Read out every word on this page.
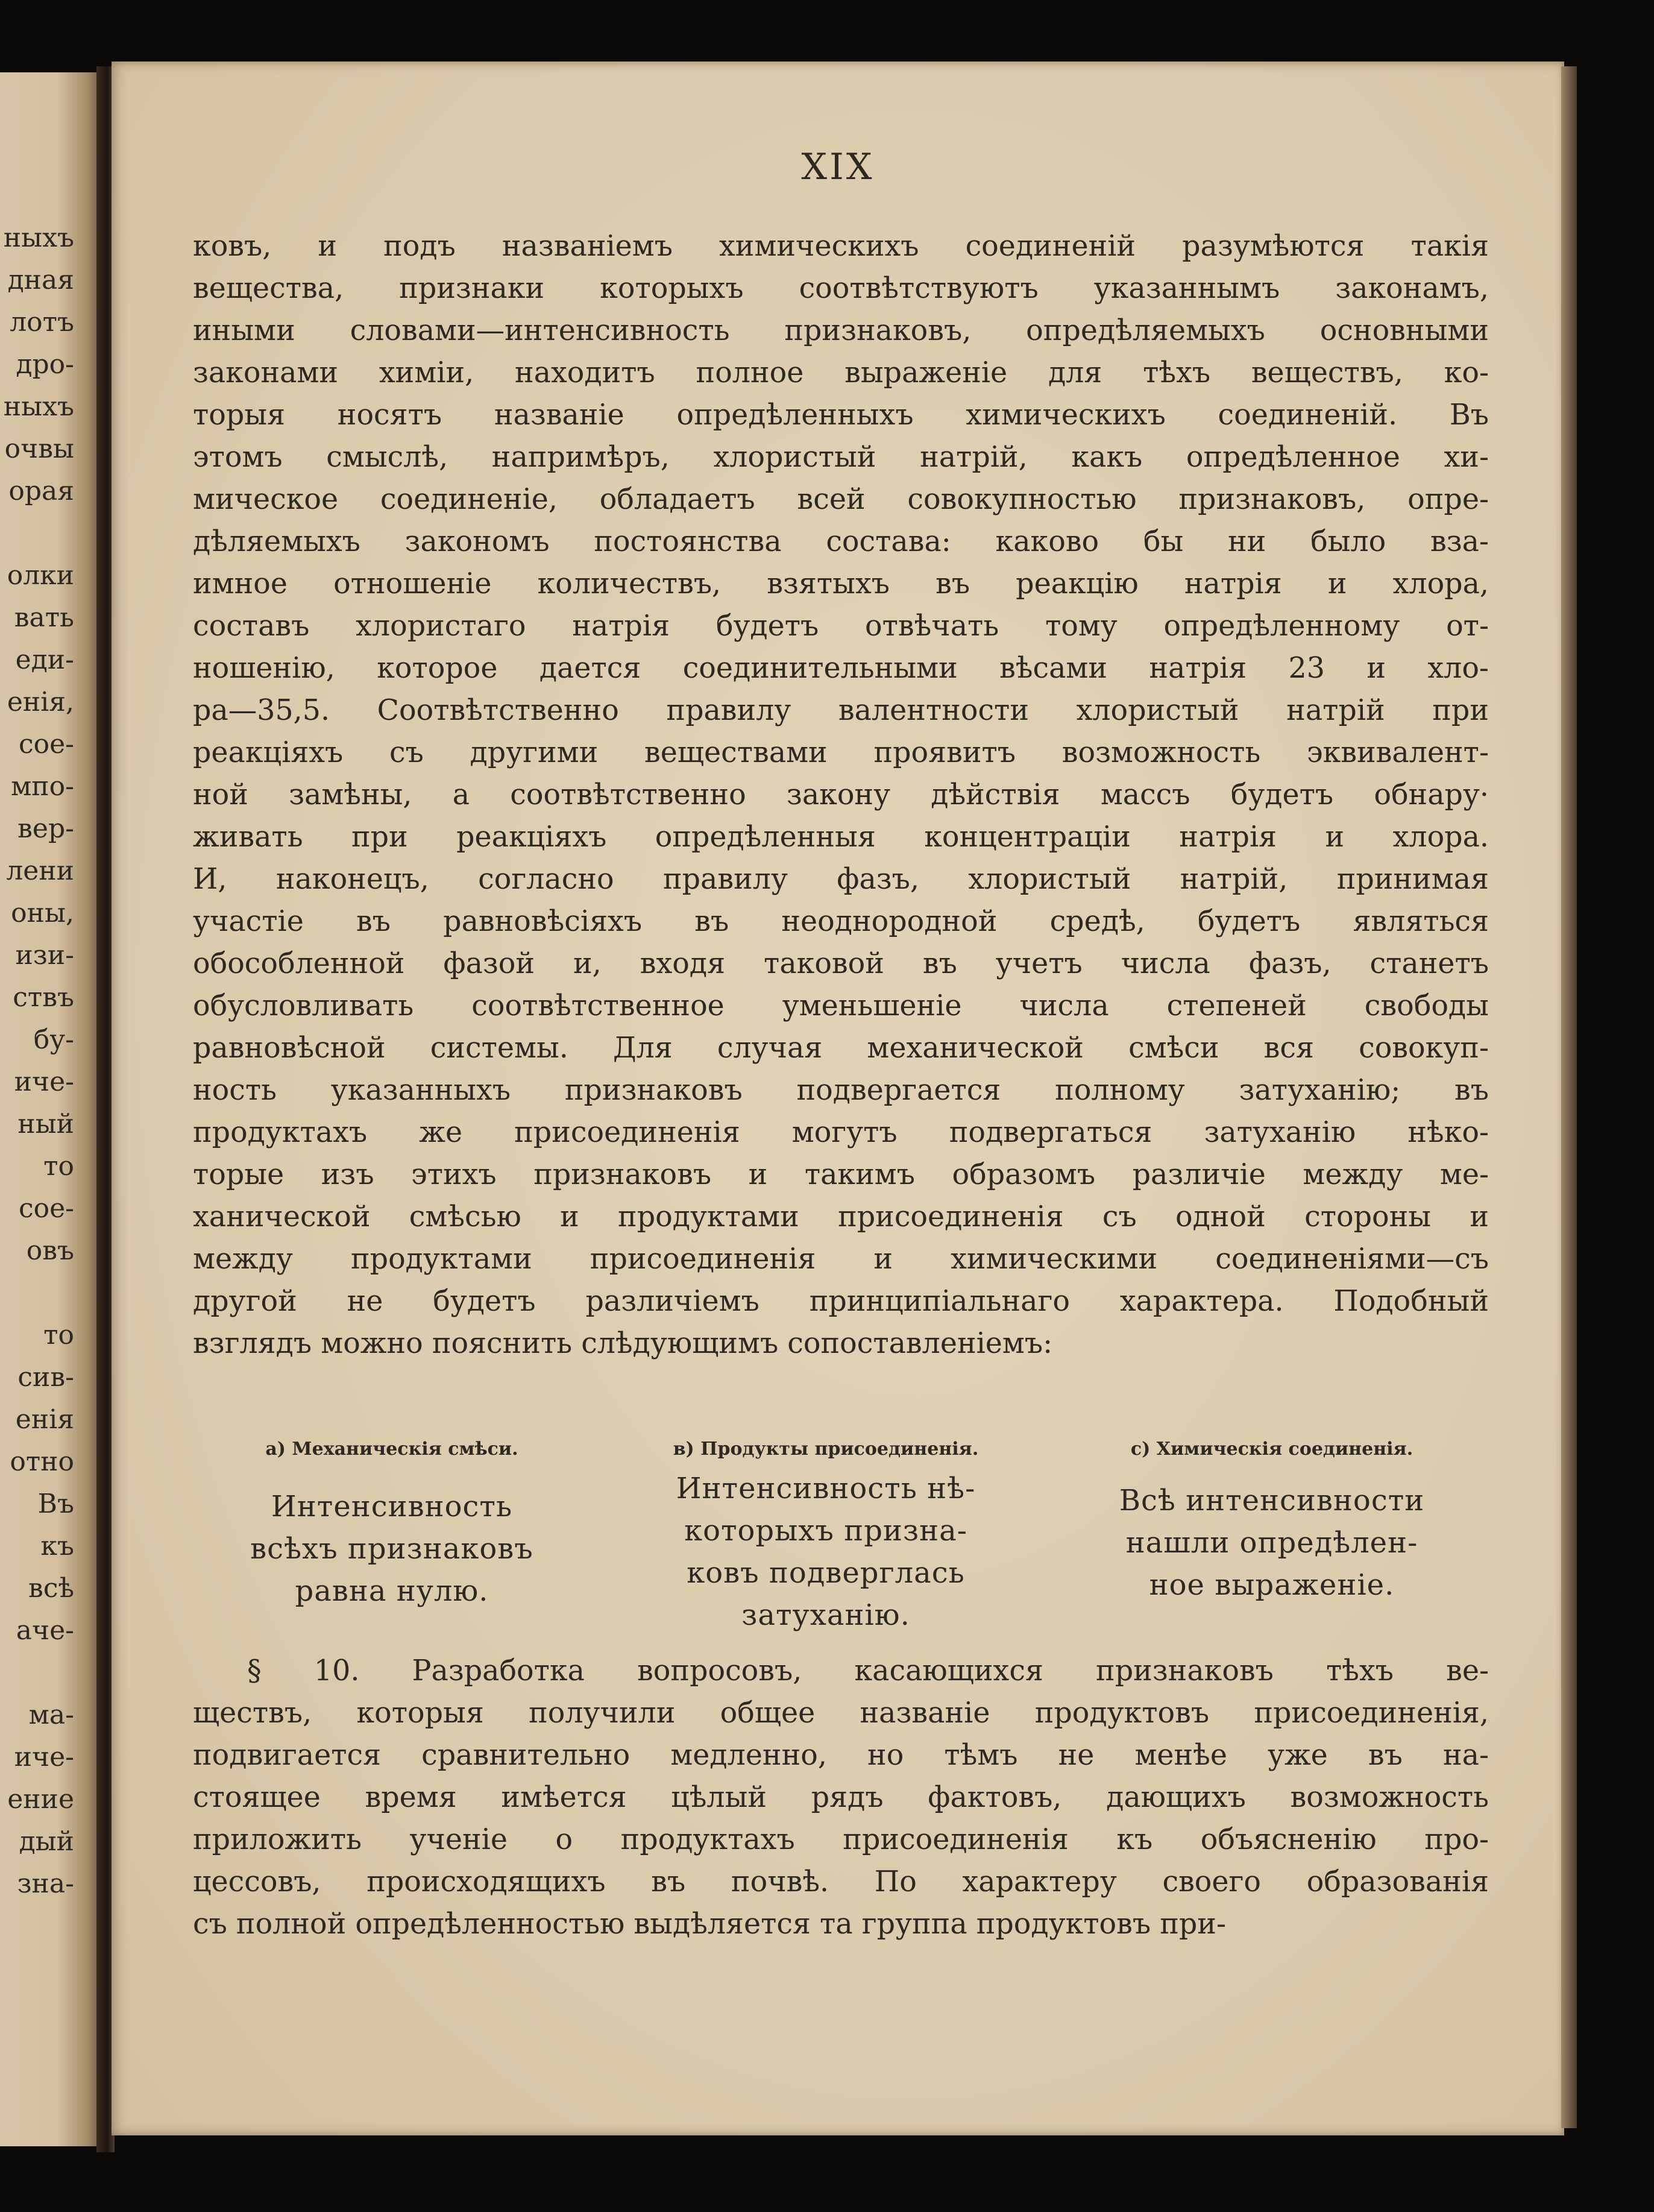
ныхъ
дная
лотъ
дро-
ныхъ
очвы
орая
олки
вать
еди-
енія,
соe-
мпо-
вер-
лени
оны,
изи-
ствъ
бу-
иче-
ный
то
сое-
овъ
то
сив-
енія
отно
Въ
къ
всѣ
аче-
ма-
иче-
ение
дый
зна-
XIX
ковъ, и подъ названіемъ химическихъ соединеній разумѣются такія
вещества, признаки которыхъ соотвѣтствуютъ указаннымъ законамъ,
иными словами—интенсивность признаковъ, опредѣляемыхъ основными
законами химіи, находитъ полное выраженіе для тѣхъ веществъ, ко-
торыя носятъ названіе опредѣленныхъ химическихъ соединеній. Въ
этомъ смыслѣ, напримѣръ, хлористый натрій, какъ опредѣленное хи-
мическое соединеніе, обладаетъ всей совокупностью признаковъ, опре-
дѣляемыхъ закономъ постоянства состава: каково бы ни было вза-
имное отношеніе количествъ, взятыхъ въ реакцію натрія и хлора,
составъ хлористаго натрія будетъ отвѣчать тому опредѣленному от-
ношенію, которое дается соединительными вѣсами натрія 23 и хло-
ра—35,5. Соотвѣтственно правилу валентности хлористый натрій при
реакціяхъ съ другими веществами проявитъ возможность эквивалент-
ной замѣны, а соотвѣтственно закону дѣйствія массъ будетъ обнару·
живать при реакціяхъ опредѣленныя концентраціи натрія и хлора.
И, наконецъ, согласно правилу фазъ, хлористый натрій, принимая
участіе въ равновѣсіяхъ въ неоднородной средѣ, будетъ являться
обособленной фазой и, входя таковой въ учетъ числа фазъ, станетъ
обусловливать соотвѣтственное уменьшеніе числа степеней свободы
равновѣсной системы. Для случая механической смѣси вся совокуп-
ность указанныхъ признаковъ подвергается полному затуханію; въ
продуктахъ же присоединенія могутъ подвергаться затуханію нѣко-
торые изъ этихъ признаковъ и такимъ образомъ различіе между ме-
ханической смѣсью и продуктами присоединенія съ одной стороны и
между продуктами присоединенія и химическими соединеніями—съ
другой не будетъ различіемъ принципіальнаго характера. Подобный
взглядъ можно пояснить слѣдующимъ сопоставленіемъ:
а) Механическія смѣси.
Интенсивность
всѣхъ признаковъ
равна нулю.
в) Продукты присоединенія.
Интенсивность нѣ-
которыхъ призна-
ковъ подверглась
затуханію.
с) Химическія соединенія.
Всѣ интенсивности
нашли опредѣлен-
ное выраженіе.
§ 10. Разработка вопросовъ, касающихся признаковъ тѣхъ ве-
ществъ, которыя получили общее названіе продуктовъ присоединенія,
подвигается сравнительно медленно, но тѣмъ не менѣе уже въ на-
стоящее время имѣется цѣлый рядъ фактовъ, дающихъ возможность
приложить ученіе о продуктахъ присоединенія къ объясненію про-
цессовъ, происходящихъ въ почвѣ. По характеру своего образованія
съ полной опредѣленностью выдѣляется та группа продуктовъ при-
